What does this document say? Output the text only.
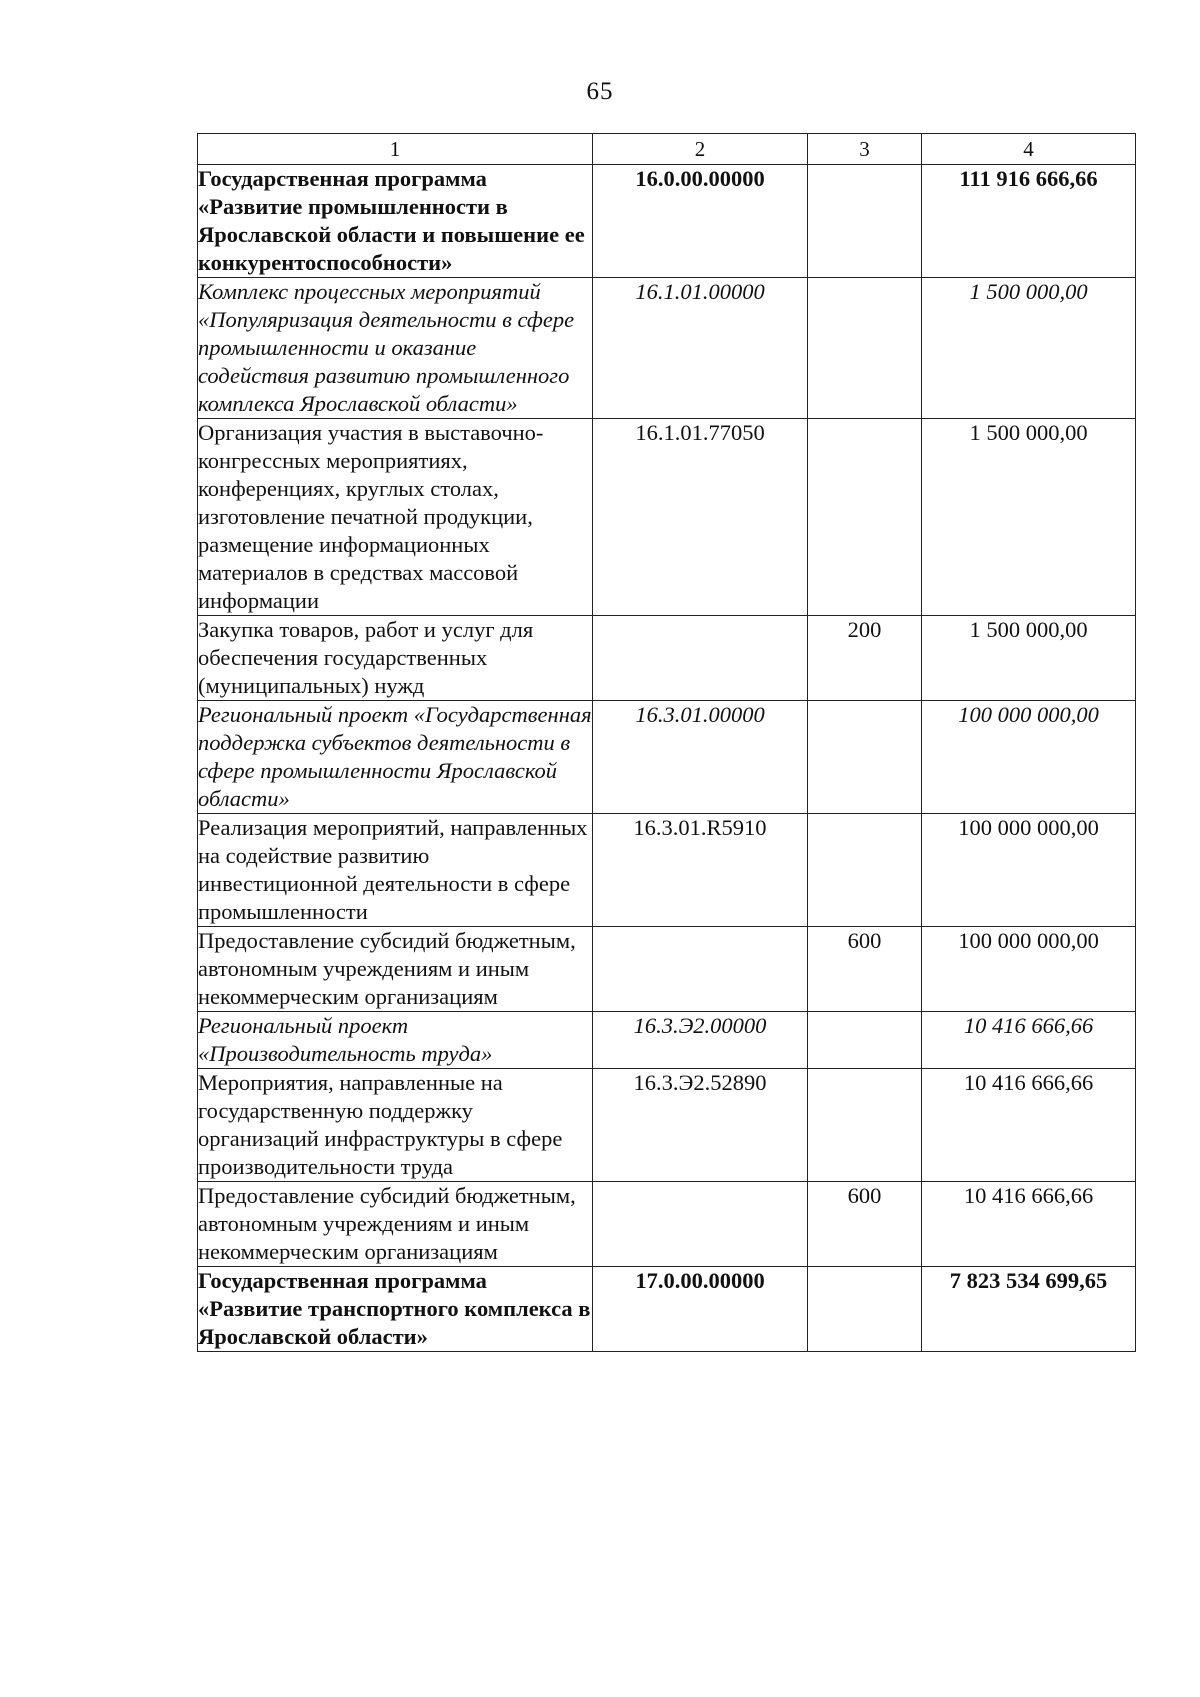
65
1	2	3	4
Государственная программа «Развитие промышленности в Ярославской области и повышение ее конкурентоспособности»	16.0.00.00000		111 916 666,66
Комплекс процессных мероприятий «Популяризация деятельности в сфере промышленности и оказание содействия развитию промышленного комплекса Ярославской области»	16.1.01.00000		1 500 000,00
Организация участия в выставочно-конгрессных мероприятиях, конференциях, круглых столах, изготовление печатной продукции, размещение информационных материалов в средствах массовой информации	16.1.01.77050		1 500 000,00
Закупка товаров, работ и услуг для обеспечения государственных (муниципальных) нужд		200	1 500 000,00
Региональный проект «Государственная поддержка субъектов деятельности в сфере промышленности Ярославской области»	16.3.01.00000		100 000 000,00
Реализация мероприятий, направленных на содействие развитию инвестиционной деятельности в сфере промышленности	16.3.01.R5910		100 000 000,00
Предоставление субсидий бюджетным, автономным учреждениям и иным некоммерческим организациям		600	100 000 000,00
Региональный проект «Производительность труда»	16.3.Э2.00000		10 416 666,66
Мероприятия, направленные на государственную поддержку организаций инфраструктуры в сфере производительности труда	16.3.Э2.52890		10 416 666,66
Предоставление субсидий бюджетным, автономным учреждениям и иным некоммерческим организациям		600	10 416 666,66
Государственная программа «Развитие транспортного комплекса в Ярославской области»	17.0.00.00000		7 823 534 699,65
